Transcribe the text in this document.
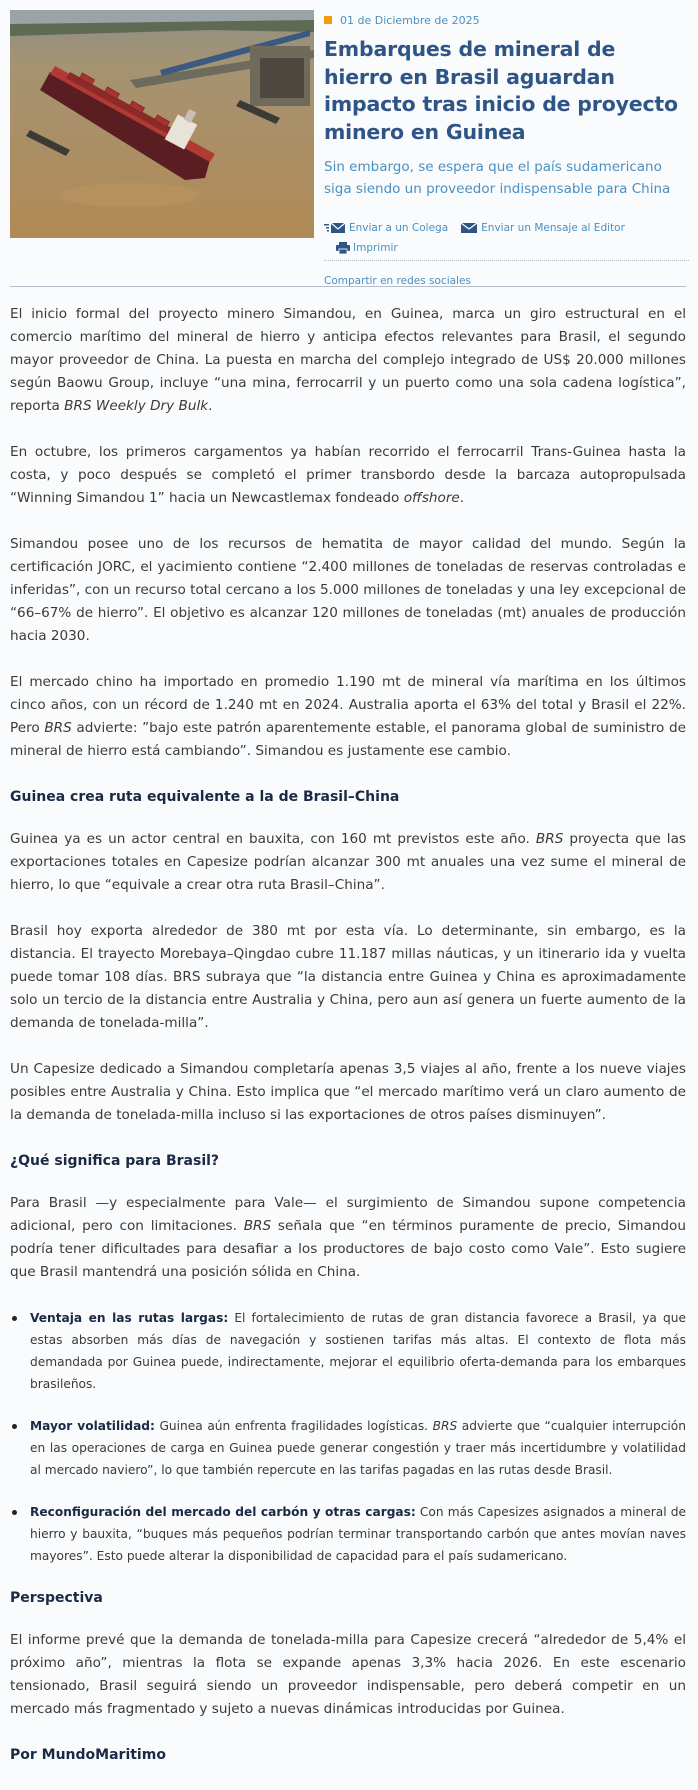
01 de Diciembre de 2025
Embarques de mineral de hierro en Brasil aguardan impacto tras inicio de proyecto minero en Guinea

Sin embargo, se espera que el país sudamericano siga siendo un proveedor indispensable para China

Enviar a un Colega	Enviar un Mensaje al Editor
Imprimir
Compartir en redes sociales

El inicio formal del proyecto minero Simandou, en Guinea, marca un giro estructural en el comercio marítimo del mineral de hierro y anticipa efectos relevantes para Brasil, el segundo mayor proveedor de China. La puesta en marcha del complejo integrado de US$ 20.000 millones según Baowu Group, incluye “una mina, ferrocarril y un puerto como una sola cadena logística”, reporta BRS Weekly Dry Bulk.

En octubre, los primeros cargamentos ya habían recorrido el ferrocarril Trans-Guinea hasta la costa, y poco después se completó el primer transbordo desde la barcaza autopropulsada “Winning Simandou 1” hacia un Newcastlemax fondeado offshore.

Simandou posee uno de los recursos de hematita de mayor calidad del mundo. Según la certificación JORC, el yacimiento contiene “2.400 millones de toneladas de reservas controladas e inferidas”, con un recurso total cercano a los 5.000 millones de toneladas y una ley excepcional de “66–67% de hierro”. El objetivo es alcanzar 120 millones de toneladas (mt) anuales de producción hacia 2030.

El mercado chino ha importado en promedio 1.190 mt de mineral vía marítima en los últimos cinco años, con un récord de 1.240 mt en 2024. Australia aporta el 63% del total y Brasil el 22%. Pero BRS advierte: ”bajo este patrón aparentemente estable, el panorama global de suministro de mineral de hierro está cambiando”. Simandou es justamente ese cambio.

Guinea crea ruta equivalente a la de Brasil–China

Guinea ya es un actor central en bauxita, con 160 mt previstos este año. BRS proyecta que las exportaciones totales en Capesize podrían alcanzar 300 mt anuales una vez sume el mineral de hierro, lo que “equivale a crear otra ruta Brasil–China”.

Brasil hoy exporta alrededor de 380 mt por esta vía. Lo determinante, sin embargo, es la distancia. El trayecto Morebaya–Qingdao cubre 11.187 millas náuticas, y un itinerario ida y vuelta puede tomar 108 días. BRS subraya que “la distancia entre Guinea y China es aproximadamente solo un tercio de la distancia entre Australia y China, pero aun así genera un fuerte aumento de la demanda de tonelada-milla”.

Un Capesize dedicado a Simandou completaría apenas 3,5 viajes al año, frente a los nueve viajes posibles entre Australia y China. Esto implica que “el mercado marítimo verá un claro aumento de la demanda de tonelada-milla incluso si las exportaciones de otros países disminuyen”.

¿Qué significa para Brasil?

Para Brasil —y especialmente para Vale— el surgimiento de Simandou supone competencia adicional, pero con limitaciones. BRS señala que “en términos puramente de precio, Simandou podría tener dificultades para desafiar a los productores de bajo costo como Vale”. Esto sugiere que Brasil mantendrá una posición sólida en China.

Ventaja en las rutas largas: El fortalecimiento de rutas de gran distancia favorece a Brasil, ya que estas absorben más días de navegación y sostienen tarifas más altas. El contexto de flota más demandada por Guinea puede, indirectamente, mejorar el equilibrio oferta-demanda para los embarques brasileños.
Mayor volatilidad: Guinea aún enfrenta fragilidades logísticas. BRS advierte que “cualquier interrupción en las operaciones de carga en Guinea puede generar congestión y traer más incertidumbre y volatilidad al mercado naviero”, lo que también repercute en las tarifas pagadas en las rutas desde Brasil.
Reconfiguración del mercado del carbón y otras cargas: Con más Capesizes asignados a mineral de hierro y bauxita, “buques más pequeños podrían terminar transportando carbón que antes movían naves mayores”. Esto puede alterar la disponibilidad de capacidad para el país sudamericano.
Perspectiva

El informe prevé que la demanda de tonelada-milla para Capesize crecerá “alrededor de 5,4% el próximo año”, mientras la flota se expande apenas 3,3% hacia 2026. En este escenario tensionado, Brasil seguirá siendo un proveedor indispensable, pero deberá competir en un mercado más fragmentado y sujeto a nuevas dinámicas introducidas por Guinea.

Por MundoMaritimo
